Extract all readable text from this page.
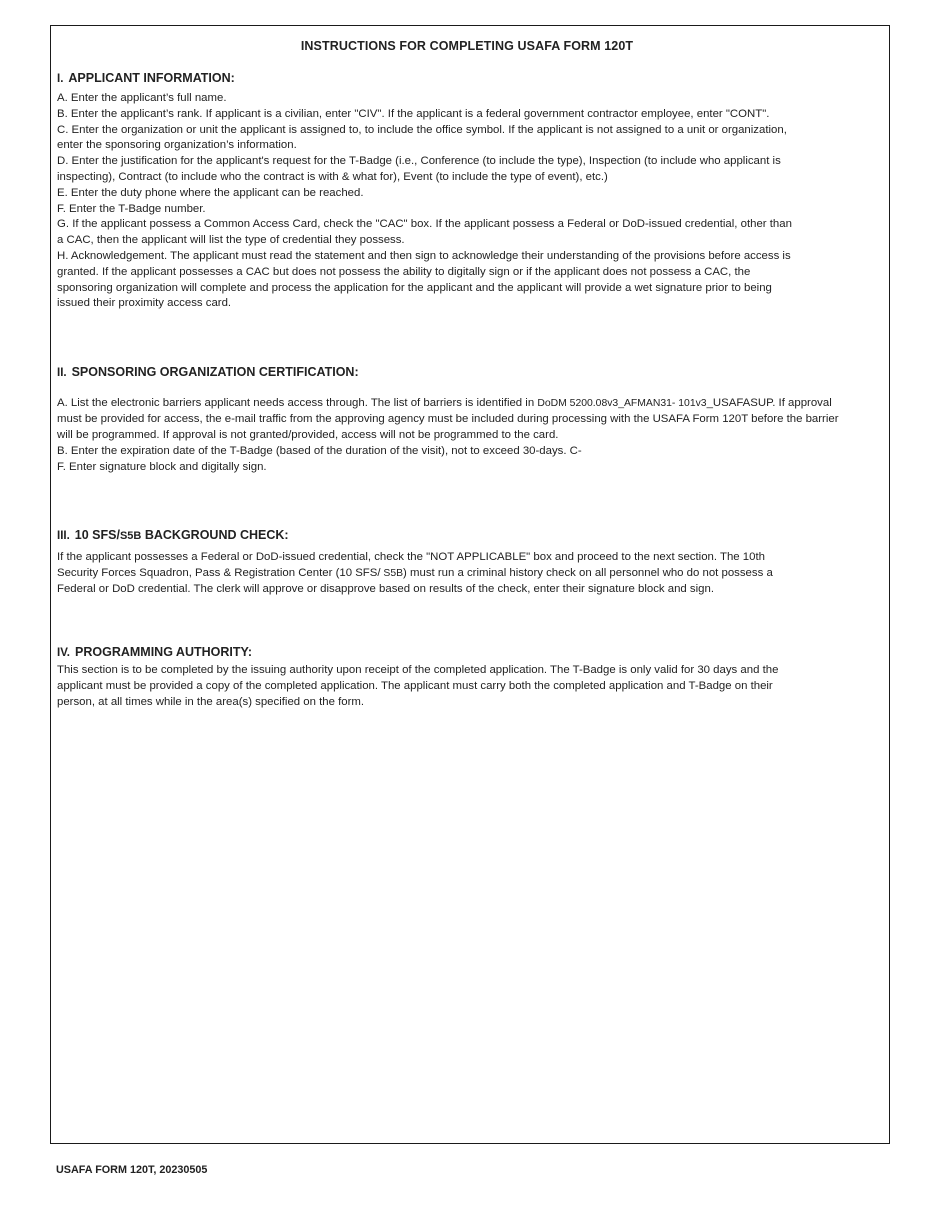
INSTRUCTIONS FOR COMPLETING USAFA FORM 120T
I. APPLICANT INFORMATION:

A. Enter the applicant’s full name.

B. Enter the applicant’s rank. If applicant is a civilian, enter "CIV". If the applicant is a federal government contractor employee, enter "CONT".

C. Enter the organization or unit the applicant is assigned to, to include the office symbol. If the applicant is not assigned to a unit or organization, enter the sponsoring organization’s information.

D. Enter the justification for the applicant's request for the T-Badge (i.e., Conference (to include the type), Inspection (to include who applicant is inspecting), Contract (to include who the contract is with & what for), Event (to include the type of event), etc.)

E. Enter the duty phone where the applicant can be reached.

F. Enter the T-Badge number.

G. If the applicant possess a Common Access Card, check the "CAC" box. If the applicant possess a Federal or DoD-issued credential, other than a CAC, then the applicant will list the type of credential they possess.

H. Acknowledgement. The applicant must read the statement and then sign to acknowledge their understanding of the provisions before access is granted. If the applicant possesses a CAC but does not possess the ability to digitally sign or if the applicant does not possess a CAC, the sponsoring organization will complete and process the application for the applicant and the applicant will provide a wet signature prior to being issued their proximity access card.

II. SPONSORING ORGANIZATION CERTIFICATION:

A. List the electronic barriers applicant needs access through. The list of barriers is identified in DoDM 5200.08v3_AFMAN31- 101v3_USAFASUP. If approval must be provided for access, the e-mail traffic from the approving agency must be included during processing with the USAFA Form 120T before the barrier will be programmed. If approval is not granted/provided, access will not be programmed to the card.

B. Enter the expiration date of the T-Badge (based of the duration of the visit), not to exceed 30-days. C-

F. Enter signature block and digitally sign.

III. 10 SFS/S5B BACKGROUND CHECK:

If the applicant possesses a Federal or DoD-issued credential, check the "NOT APPLICABLE" box and proceed to the next section. The 10th Security Forces Squadron, Pass & Registration Center (10 SFS/ S5B) must run a criminal history check on all personnel who do not possess a Federal or DoD credential. The clerk will approve or disapprove based on results of the check, enter their signature block and sign.

IV. PROGRAMMING AUTHORITY:

This section is to be completed by the issuing authority upon receipt of the completed application. The T-Badge is only valid for 30 days and the applicant must be provided a copy of the completed application. The applicant must carry both the completed application and T-Badge on their person, at all times while in the area(s) specified on the form.

USAFA FORM 120T, 20230505
